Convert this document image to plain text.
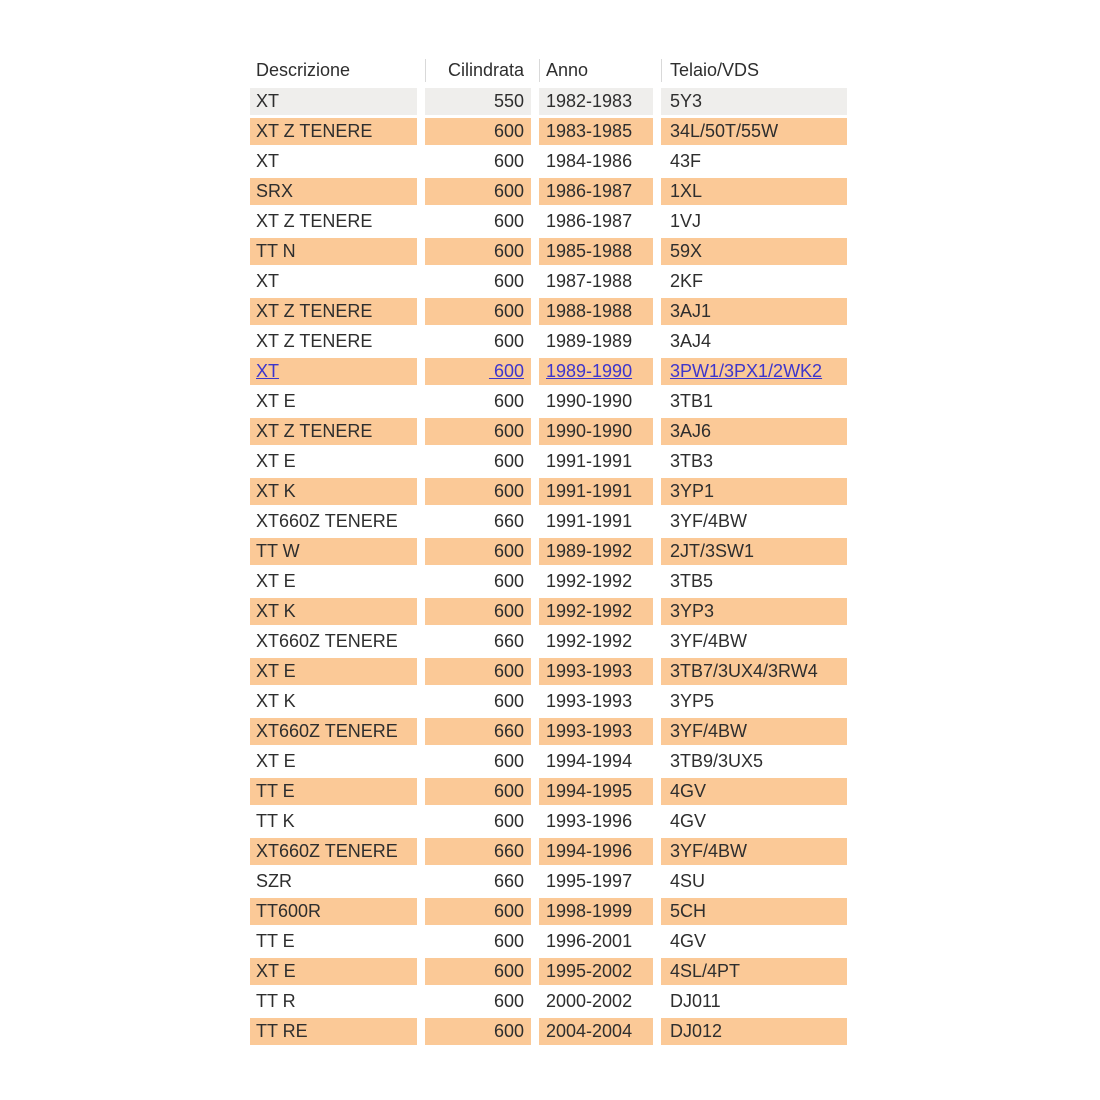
Descrizione	Cilindrata	Anno	Telaio/VDS
XT	550	1982-1983	5Y3
XT Z TENERE	600	1983-1985	34L/50T/55W
XT	600	1984-1986	43F
SRX	600	1986-1987	1XL
XT Z TENERE	600	1986-1987	1VJ
TT N	600	1985-1988	59X
XT	600	1987-1988	2KF
XT Z TENERE	600	1988-1988	3AJ1
XT Z TENERE	600	1989-1989	3AJ4
XT	600	1989-1990	3PW1/3PX1/2WK2
XT E	600	1990-1990	3TB1
XT Z TENERE	600	1990-1990	3AJ6
XT E	600	1991-1991	3TB3
XT K	600	1991-1991	3YP1
XT660Z TENERE	660	1991-1991	3YF/4BW
TT W	600	1989-1992	2JT/3SW1
XT E	600	1992-1992	3TB5
XT K	600	1992-1992	3YP3
XT660Z TENERE	660	1992-1992	3YF/4BW
XT E	600	1993-1993	3TB7/3UX4/3RW4
XT K	600	1993-1993	3YP5
XT660Z TENERE	660	1993-1993	3YF/4BW
XT E	600	1994-1994	3TB9/3UX5
TT E	600	1994-1995	4GV
TT K	600	1993-1996	4GV
XT660Z TENERE	660	1994-1996	3YF/4BW
SZR	660	1995-1997	4SU
TT600R	600	1998-1999	5CH
TT E	600	1996-2001	4GV
XT E	600	1995-2002	4SL/4PT
TT R	600	2000-2002	DJ011
TT RE	600	2004-2004	DJ012
